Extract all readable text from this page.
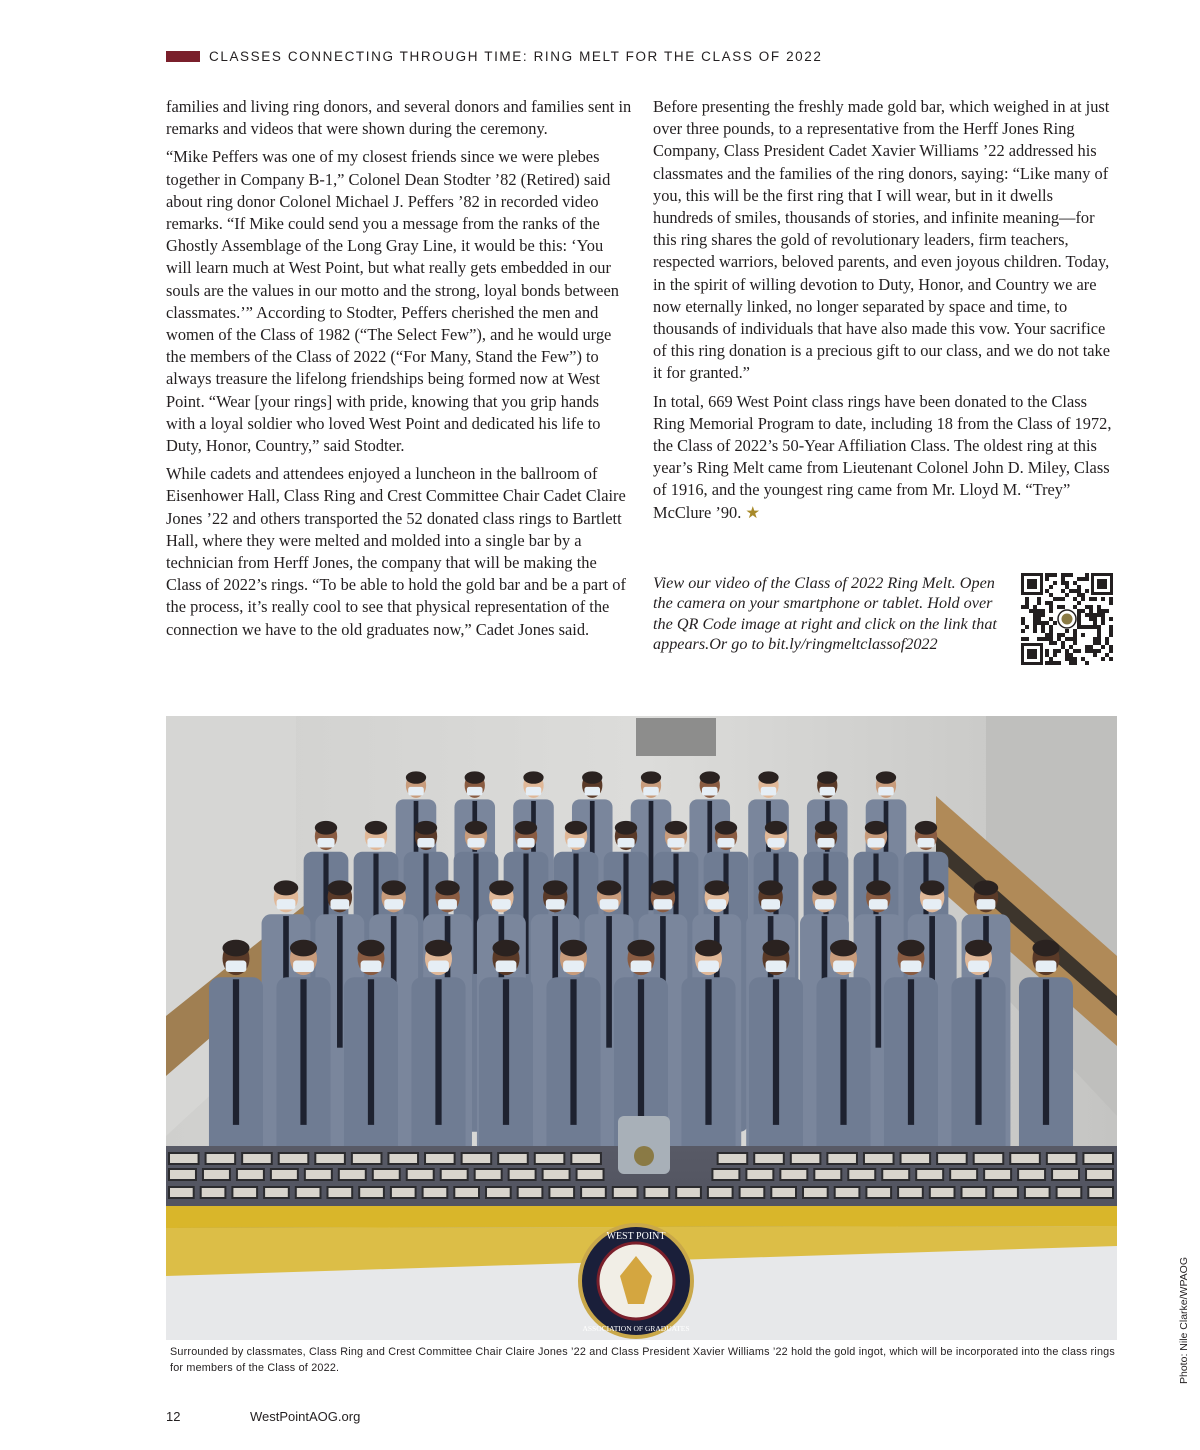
CLASSES CONNECTING THROUGH TIME: RING MELT FOR THE CLASS OF 2022

families and living ring donors, and several donors and families sent in remarks and videos that were shown during the ceremony.

“Mike Peffers was one of my closest friends since we were plebes together in Company B-1,” Colonel Dean Stodter ’82 (Retired) said about ring donor Colonel Michael J. Peffers ’82 in recorded video remarks. “If Mike could send you a message from the ranks of the Ghostly Assemblage of the Long Gray Line, it would be this: ‘You will learn much at West Point, but what really gets embedded in our souls are the values in our motto and the strong, loyal bonds between classmates.’” According to Stodter, Peffers cherished the men and women of the Class of 1982 (“The Select Few”), and he would urge the members of the Class of 2022 (“For Many, Stand the Few”) to always treasure the lifelong friendships being formed now at West Point. “Wear [your rings] with pride, knowing that you grip hands with a loyal soldier who loved West Point and dedicated his life to Duty, Honor, Country,” said Stodter.

While cadets and attendees enjoyed a luncheon in the ballroom of Eisenhower Hall, Class Ring and Crest Committee Chair Cadet Claire Jones ’22 and others transported the 52 donated class rings to Bartlett Hall, where they were melted and molded into a single bar by a technician from Herff Jones, the company that will be making the Class of 2022’s rings. “To be able to hold the gold bar and be a part of the process, it’s really cool to see that physical representation of the connection we have to the old graduates now,” Cadet Jones said.

Before presenting the freshly made gold bar, which weighed in at just over three pounds, to a representative from the Herff Jones Ring Company, Class President Cadet Xavier Williams ’22 addressed his classmates and the families of the ring donors, saying: “Like many of you, this will be the first ring that I will wear, but in it dwells hundreds of smiles, thousands of stories, and infinite meaning—for this ring shares the gold of revolutionary leaders, firm teachers, respected warriors, beloved parents, and even joyous children. Today, in the spirit of willing devotion to Duty, Honor, and Country we are now eternally linked, no longer separated by space and time, to thousands of individuals that have also made this vow. Your sacrifice of this ring donation is a precious gift to our class, and we do not take it for granted.”

In total, 669 West Point class rings have been donated to the Class Ring Memorial Program to date, including 18 from the Class of 1972, the Class of 2022’s 50-Year Affiliation Class. The oldest ring at this year’s Ring Melt came from Lieutenant Colonel John D. Miley, Class of 1916, and the youngest ring came from Mr. Lloyd M. “Trey” McClure ’90. ★

View our video of the Class of 2022 Ring Melt. Open the camera on your smartphone or tablet. Hold over the QR Code image at right and click on the link that appears.Or go to bit.ly/ringmeltclassof2022
WEST POINT
ASSOCIATION OF GRADUATES
Surrounded by classmates, Class Ring and Crest Committee Chair Claire Jones ’22 and Class President Xavier Williams ’22 hold the gold ingot, which will be incorporated into the class rings for members of the Class of 2022.	Photo: Nile Clarke/WPAOG
12	WestPointAOG.org
